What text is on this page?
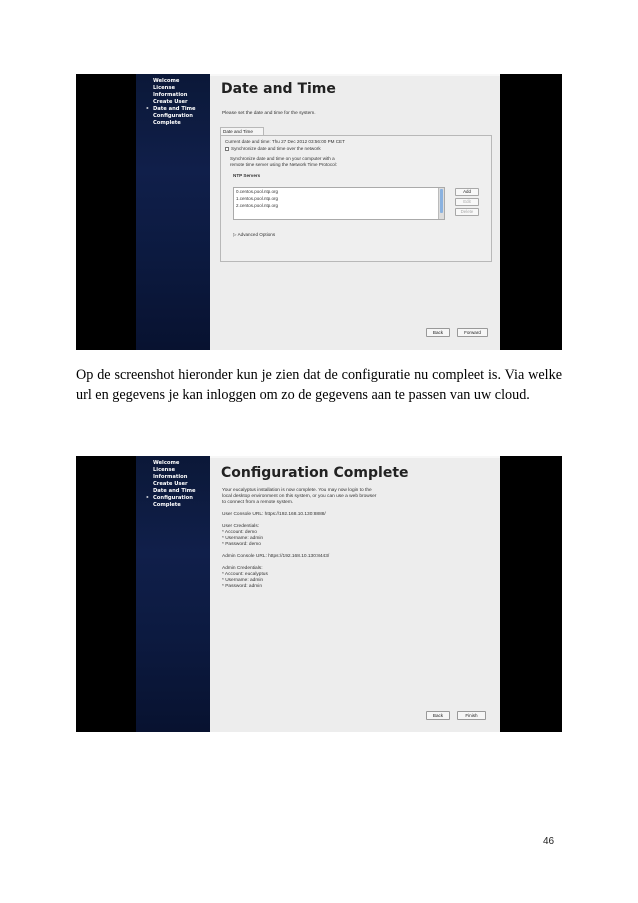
Welcome
License
Information
Create User
‣ Date and Time
Configuration
Complete
Date and Time
Please set the date and time for the system.
Date and Time
Current date and time: Thu 27 Dec 2012 03:56:00 PM CET
Synchronize date and time over the network
Synchronize date and time on your computer with a
remote time server using the Network Time Protocol:
NTP Servers
0.centos.pool.ntp.org
1.centos.pool.ntp.org
2.centos.pool.ntp.org
Add
Edit
Delete
▷ Advanced Options
Back	Forward
Op de screenshot hieronder kun je zien dat de configuratie nu compleet is. Via welke url en gegevens je kan inloggen om zo de gegevens aan te passen van uw cloud.
Welcome
License
Information
Create User
Date and Time
‣ Configuration
Complete
Configuration Complete
Your eucalyptus installation is now complete. You may now login to the
local desktop environment on this system, or you can use a web browser
to connect from a remote system.
User Console URL: https://192.168.10.130:8888/
User Credentials:
* Account: demo
* Username: admin
* Password: demo
Admin Console URL: https://192.168.10.130:8443/
Admin Credentials:
* Account: eucalyptus
* Username: admin
* Password: admin
Back	Finish
46
